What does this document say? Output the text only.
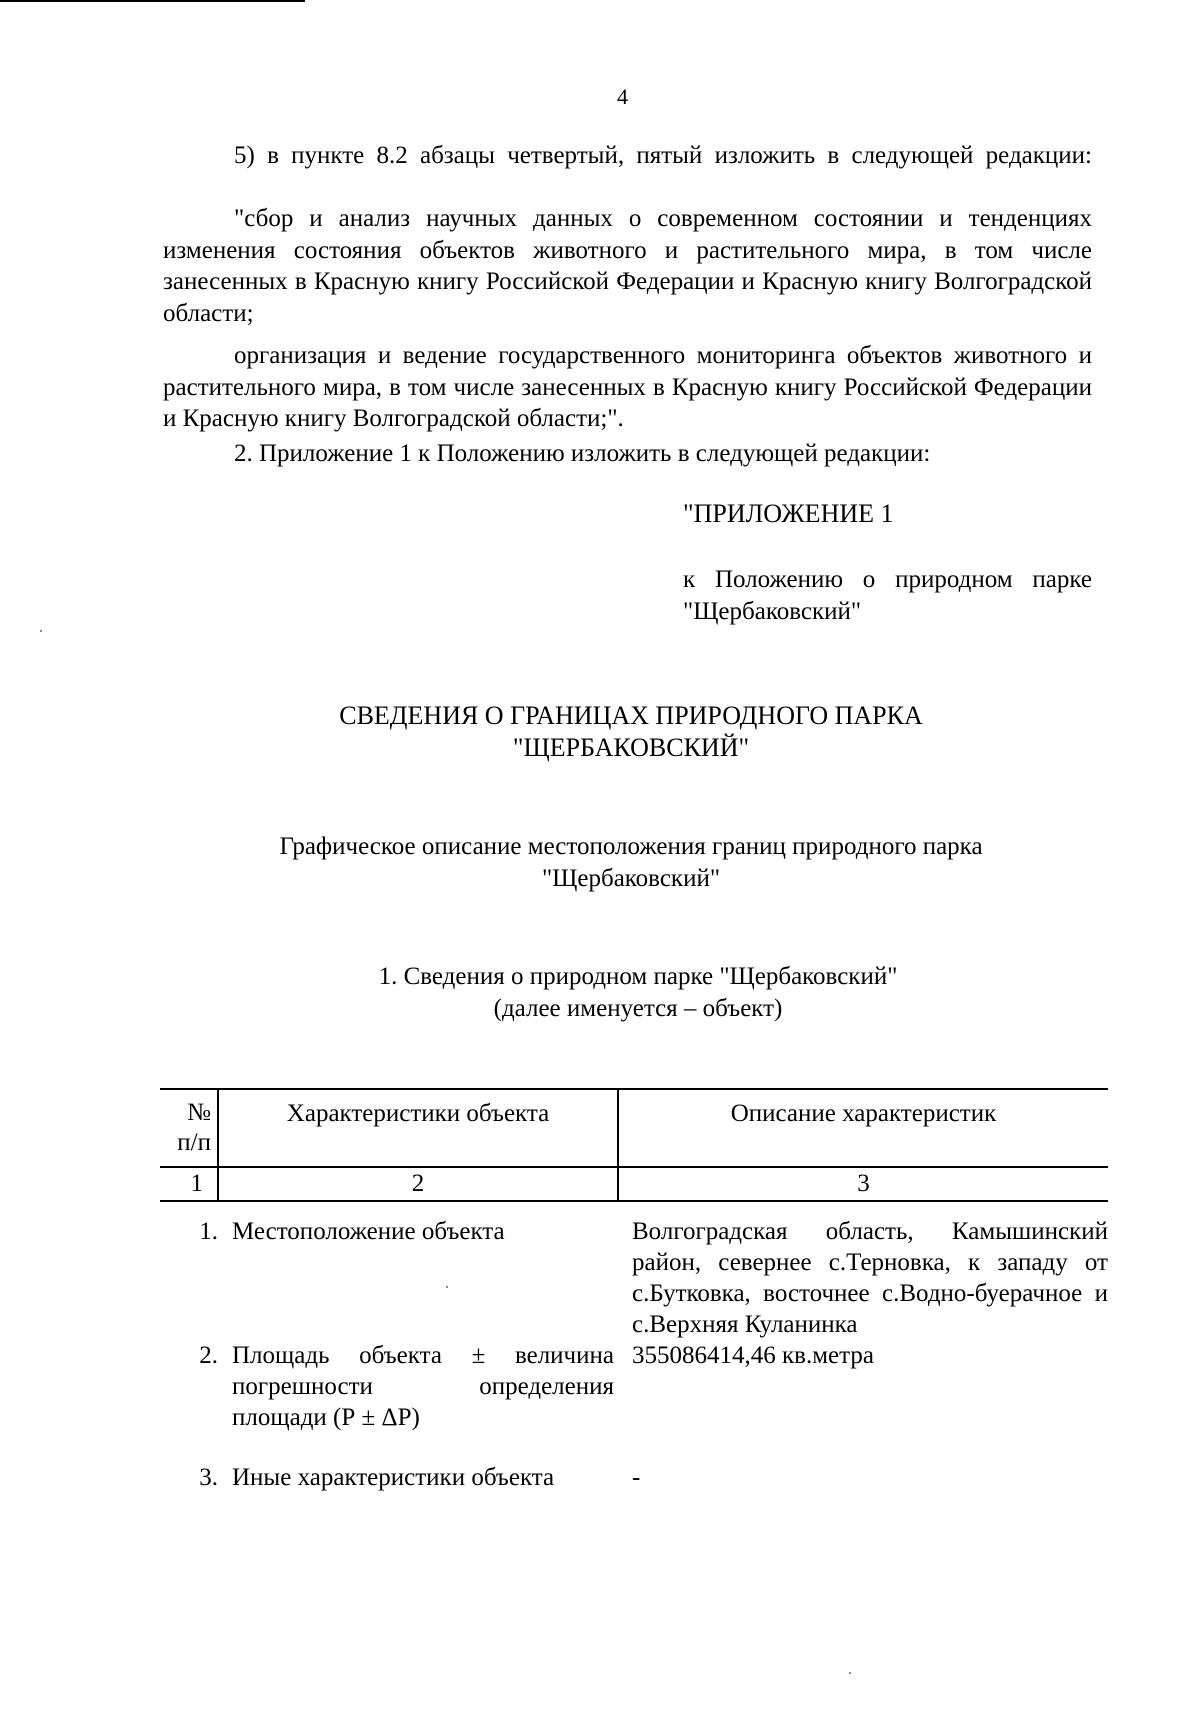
4

5) в пункте 8.2 абзацы четвертый, пятый изложить в следующей редакции:

"сбор и анализ научных данных о современном состоянии и тенденциях изменения состояния объектов животного и растительного мира, в том числе занесенных в Красную книгу Российской Федерации и Красную книгу Волгоградской области;

организация и ведение государственного мониторинга объектов животного и растительного мира, в том числе занесенных в Красную книгу Российской Федерации и Красную книгу Волгоградской области;".

2. Приложение 1 к Положению изложить в следующей редакции:

"ПРИЛОЖЕНИЕ 1
к Положению о природном парке "Щербаковский"
СВЕДЕНИЯ О ГРАНИЦАХ ПРИРОДНОГО ПАРКА
"ЩЕРБАКОВСКИЙ"
Графическое описание местоположения границ природного парка
"Щербаковский"
1. Сведения о природном парке "Щербаковский"
(далее именуется – объект)
№
п/п	Характеристики объекта	Описание характеристик

1	2	3
1.	Местоположение объекта	Волгоградская область, Камышинский район, севернее с.Терновка, к западу от с.Бутковка, восточнее с.Водно-буерачное и с.Верхняя Куланинка
2.	Площадь объекта ± величина погрешности определения площади (Р ± ΔР)	355086414,46 кв.метра
3.	Иные характеристики объекта	-
